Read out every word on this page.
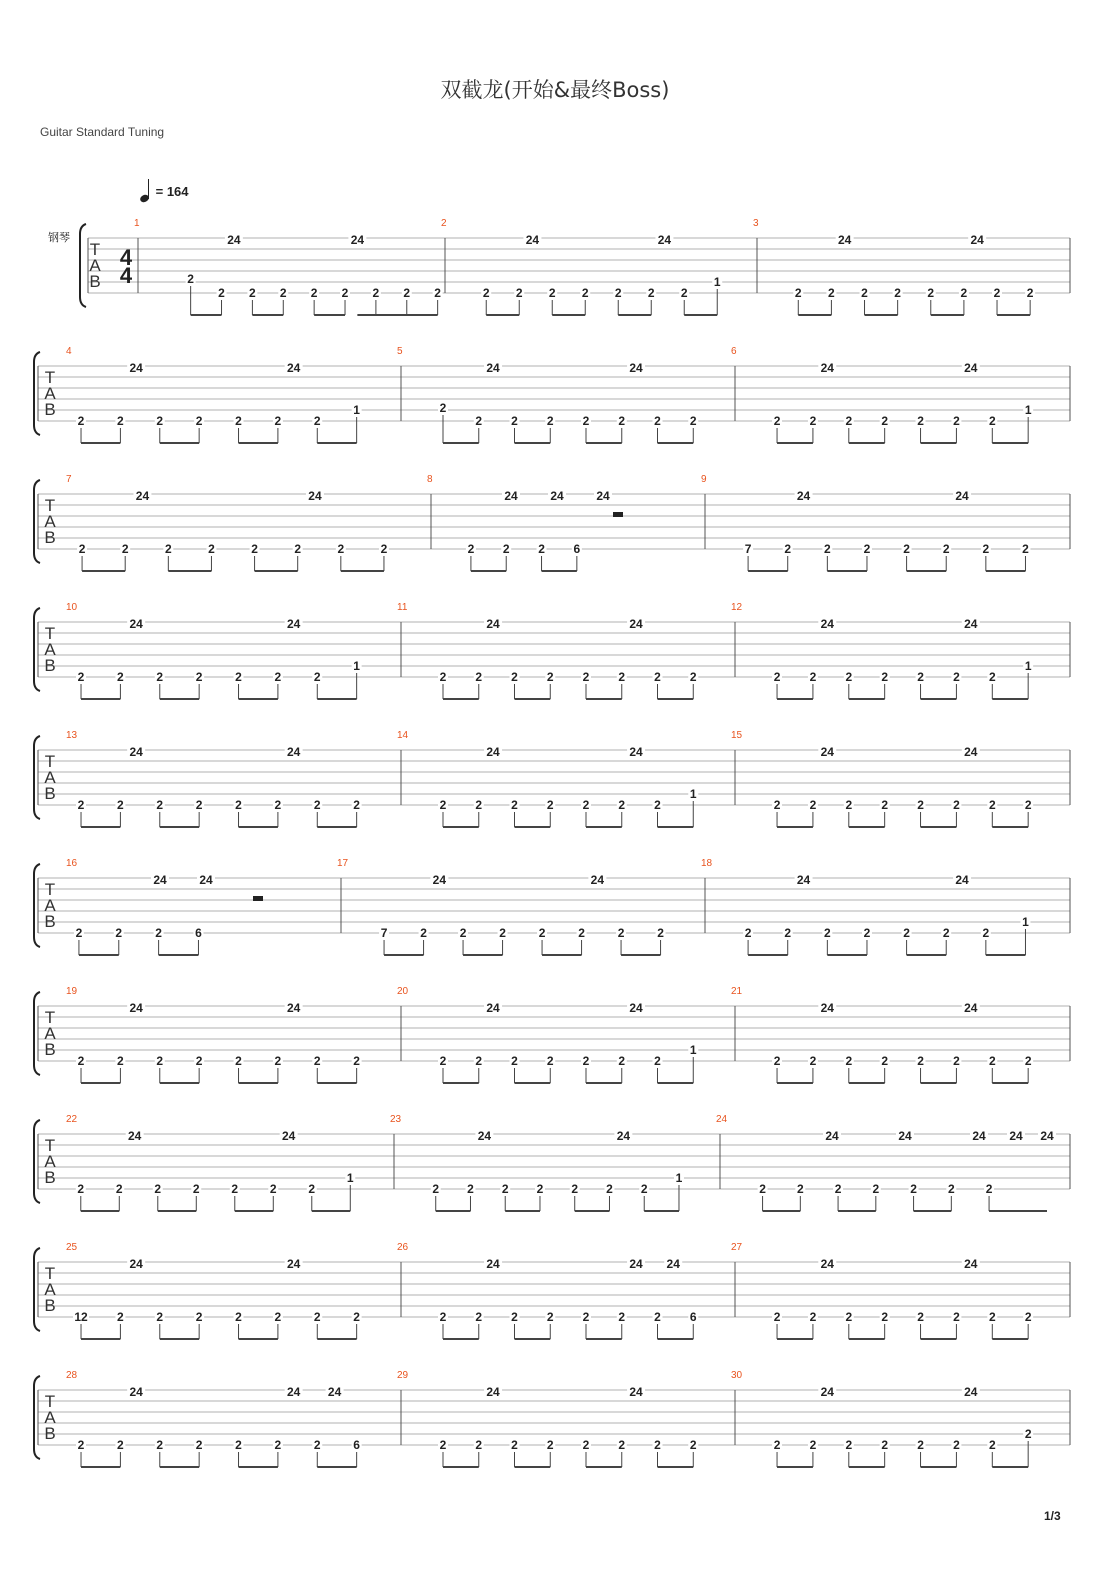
双截龙(开始&最终Boss)
Guitar Standard Tuning
= 164
钢琴
T
A
B
4
4
1
24	24
2
2 2 2 2 2 2 2 2
2
24	24
2 2 2 2 2 2 2
1
3
24	24
2 2 2 2 2 2 2 2
T
A
B
4
24	24
2	2	2	2	2	2	2
1
5
24	24
2
2 2 2 2 2 2 2
6
24	24
2 2 2 2 2 2 2
1
T
A
B
7
24	24
2	2	2	2	2	2	2	2
8
24	24	24
2 2 2 6
9
24	24
7	2	2	2	2	2	2	2
T
A
B
10
24	24
2	2	2	2	2	2	2
1
11
24	24
2 2 2 2 2 2 2 2
12
24	24
2 2 2 2 2 2 2
1
T
A
B
13
24	24
2	2	2	2	2	2	2	2
14
24	24
2 2 2 2 2 2 2
1
15
24	24
2 2 2 2 2 2 2 2
T
A
B
16
24	24
2	2	2	6
17
24	24
7	2	2	2	2	2	2	2
18
24	24
2	2	2	2	2	2	2
1
T
A
B
19
24	24
2	2	2	2	2	2	2	2
20
24	24
2 2 2 2 2 2 2
1
21
24	24
2 2 2 2 2 2 2 2
T
A
B
22
24	24
2	2	2	2	2	2	2
1
23
24	24
2 2 2 2 2 2 2
1
24
24	24	24 24 24
2	2	2	2	2	2	2
T
A
B
25
24	24
12 2	2	2	2	2	2	2
26
24	24 24
2 2 2 2 2 2 2 6
27
24	24
2 2 2 2 2 2 2 2
T
A
B
28
24	24 24
2	2	2	2	2	2	2	6
29
24	24
2 2 2 2 2 2 2 2
30
24	24
2 2 2 2 2 2 2
2
1/3
